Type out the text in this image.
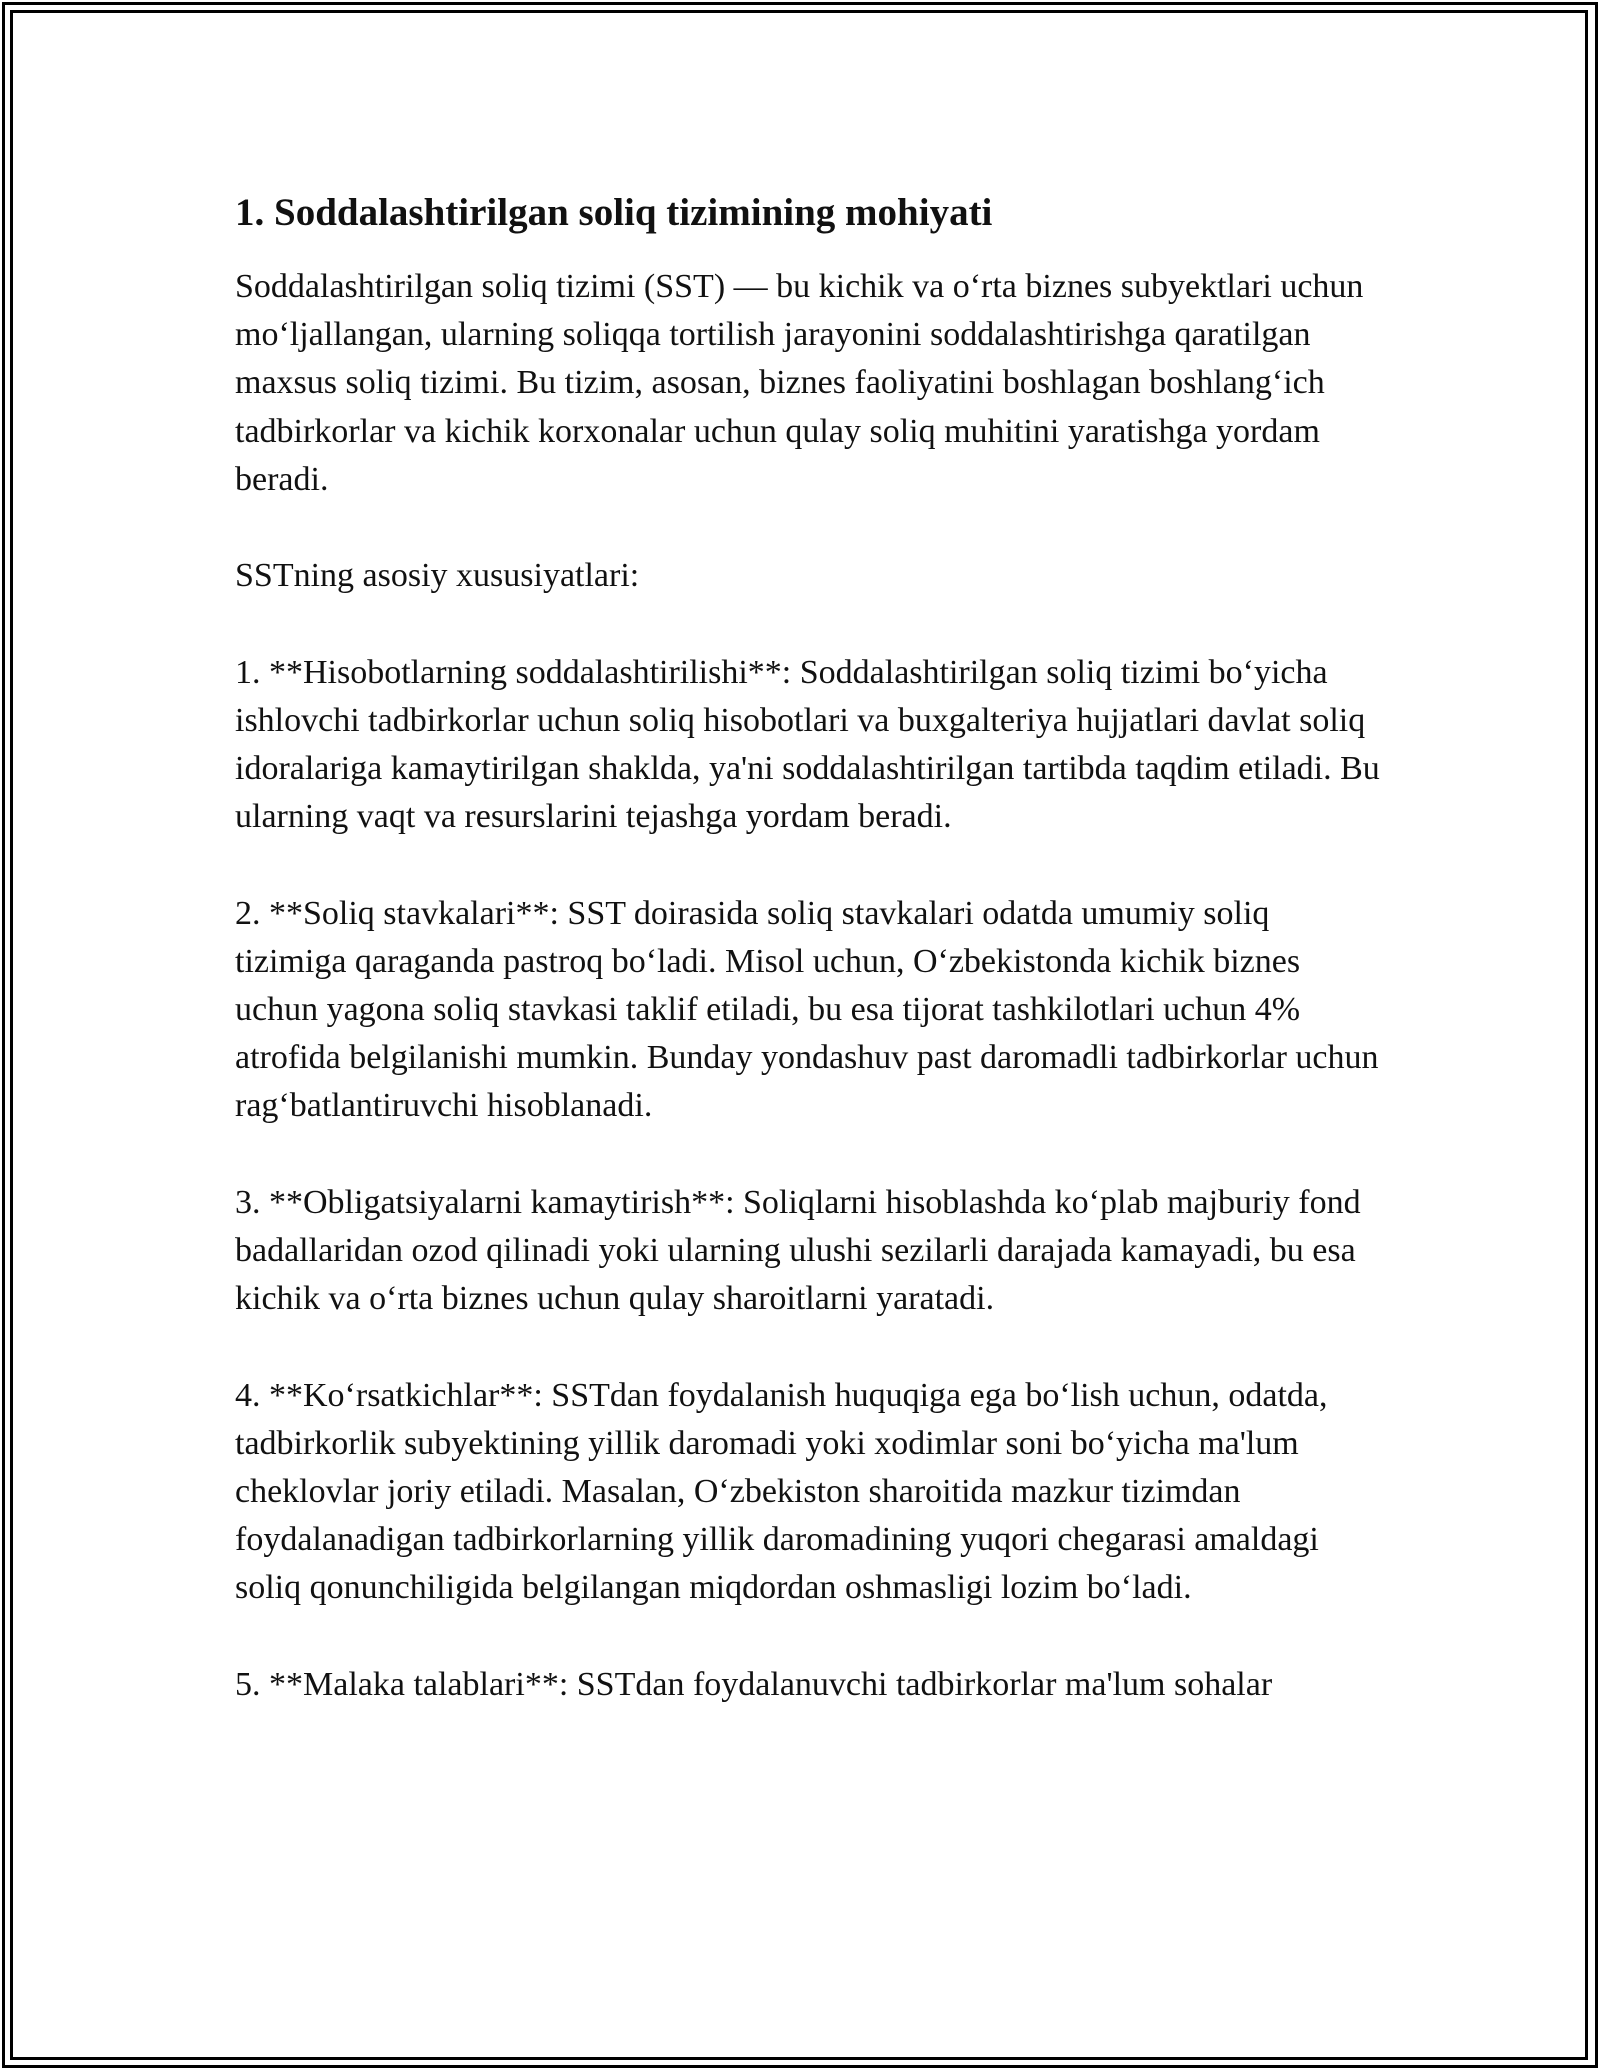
1. Soddalashtirilgan soliq tizimining mohiyati

Soddalashtirilgan soliq tizimi (SST) — bu kichik va o‘rta biznes subyektlari uchun mo‘ljallangan, ularning soliqqa tortilish jarayonini soddalashtirishga qaratilgan maxsus soliq tizimi. Bu tizim, asosan, biznes faoliyatini boshlagan boshlang‘ich tadbirkorlar va kichik korxonalar uchun qulay soliq muhitini yaratishga yordam beradi.

SSTning asosiy xususiyatlari:

1. **Hisobotlarning soddalashtirilishi**: Soddalashtirilgan soliq tizimi bo‘yicha ishlovchi tadbirkorlar uchun soliq hisobotlari va buxgalteriya hujjatlari davlat soliq idoralariga kamaytirilgan shaklda, ya'ni soddalashtirilgan tartibda taqdim etiladi. Bu ularning vaqt va resurslarini tejashga yordam beradi.

2. **Soliq stavkalari**: SST doirasida soliq stavkalari odatda umumiy soliq tizimiga qaraganda pastroq bo‘ladi. Misol uchun, O‘zbekistonda kichik biznes uchun yagona soliq stavkasi taklif etiladi, bu esa tijorat tashkilotlari uchun 4% atrofida belgilanishi mumkin. Bunday yondashuv past daromadli tadbirkorlar uchun rag‘batlantiruvchi hisoblanadi.

3. **Obligatsiyalarni kamaytirish**: Soliqlarni hisoblashda ko‘plab majburiy fond badallaridan ozod qilinadi yoki ularning ulushi sezilarli darajada kamayadi, bu esa kichik va o‘rta biznes uchun qulay sharoitlarni yaratadi.

4. **Ko‘rsatkichlar**: SSTdan foydalanish huquqiga ega bo‘lish uchun, odatda, tadbirkorlik subyektining yillik daromadi yoki xodimlar soni bo‘yicha ma'lum cheklovlar joriy etiladi. Masalan, O‘zbekiston sharoitida mazkur tizimdan foydalanadigan tadbirkorlarning yillik daromadining yuqori chegarasi amaldagi soliq qonunchiligida belgilangan miqdordan oshmasligi lozim bo‘ladi.

5. **Malaka talablari**: SSTdan foydalanuvchi tadbirkorlar ma'lum sohalar
